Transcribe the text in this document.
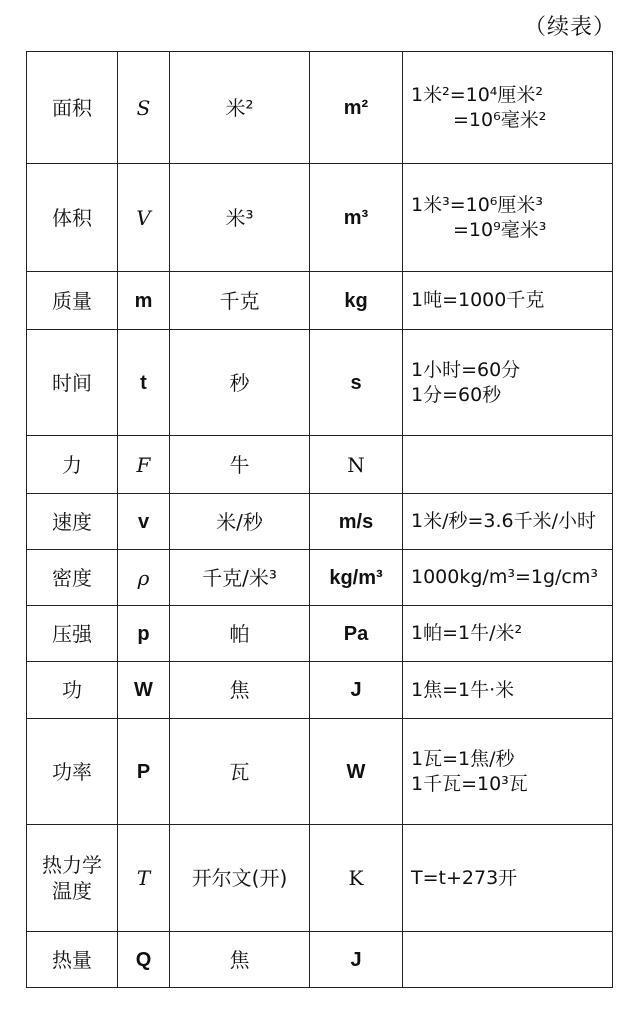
（续表）
面积	S	米²	m²	1米²=10⁴厘米²
=10⁶毫米²

体积	V	米³	m³	1米³=10⁶厘米³
=10⁹毫米³

质量	m	千克	kg	1吨=1000千克

时间	t	秒	s	1小时=60分
1分=60秒

力	F	牛	N	
速度	v	米/秒	m/s	1米/秒=3.6千米/小时

密度	ρ	千克/米³	kg/m³	1000kg/m³=1g/cm³

压强	p	帕	Pa	1帕=1牛/米²

功	W	焦	J	1焦=1牛·米

功率	P	瓦	W	1瓦=1焦/秒
1千瓦=10³瓦

热力学
温度	T	开尔文(开)	K	T=t+273开

热量	Q	焦	J	
